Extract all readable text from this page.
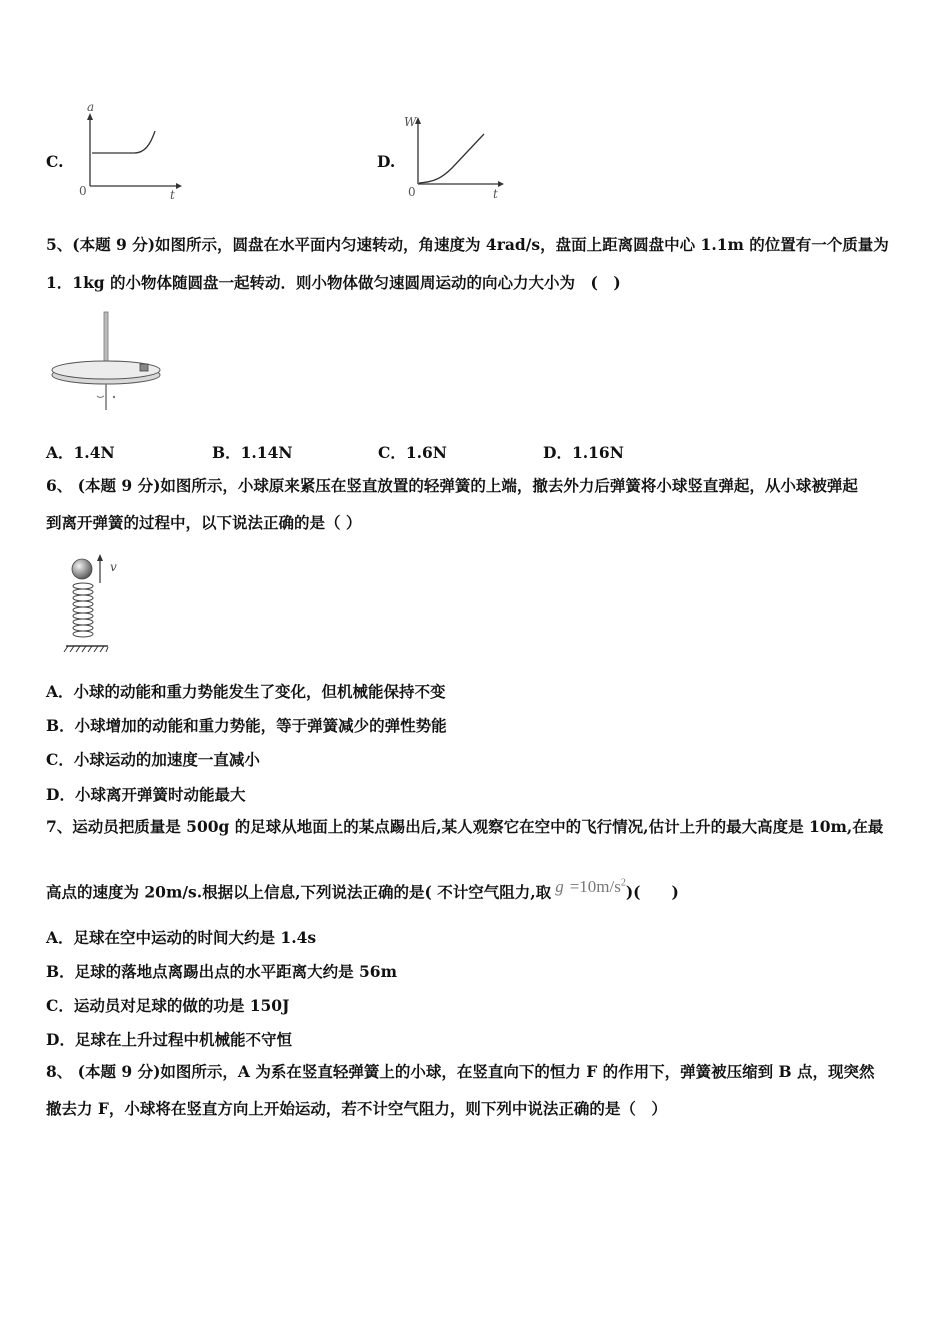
C.
a
t
0
D.
W
t
0
5、(本题 9 分)如图所示，圆盘在水平面内匀速转动，角速度为 4rad/s，盘面上距离圆盘中心 1.1m 的位置有一个质量为
1．1kg 的小物体随圆盘一起转动．则小物体做匀速圆周运动的向心力大小为　(　)
A．1.4N	B．1.14N	C．1.6N	D．1.16N
6、 (本题 9 分)如图所示，小球原来紧压在竖直放置的轻弹簧的上端，撤去外力后弹簧将小球竖直弹起，从小球被弹起
到离开弹簧的过程中，以下说法正确的是（ ）
v
A．小球的动能和重力势能发生了变化，但机械能保持不变
B．小球增加的动能和重力势能，等于弹簧减少的弹性势能
C．小球运动的加速度一直减小
D．小球离开弹簧时动能最大
7、运动员把质量是 500g 的足球从地面上的某点踢出后,某人观察它在空中的飞行情况,估计上升的最大高度是 10m,在最
高点的速度为 20m/s.根据以上信息,下列说法正确的是( 不计空气阻力,取 $g =10m/s^2$)(　　)
A．足球在空中运动的时间大约是 1.4s
B．足球的落地点离踢出点的水平距离大约是 56m
C．运动员对足球的做的功是 150J
D．足球在上升过程中机械能不守恒
8、 (本题 9 分)如图所示，A 为系在竖直轻弹簧上的小球，在竖直向下的恒力 F 的作用下，弹簧被压缩到 B 点，现突然
撤去力 F，小球将在竖直方向上开始运动，若不计空气阻力，则下列中说法正确的是（　）
